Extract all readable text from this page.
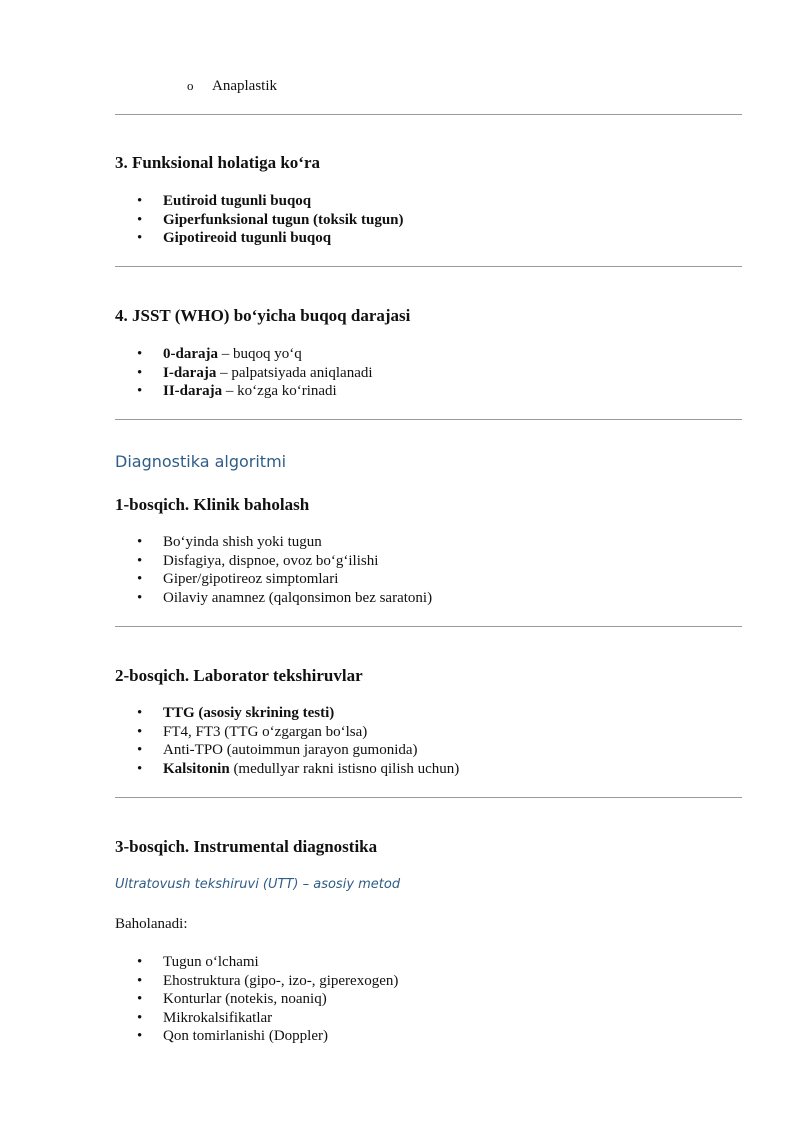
o Anaplastik
3. Funksional holatiga ko‘ra
• Eutiroid tugunli buqoq
• Giperfunksional tugun (toksik tugun)
• Gipotireoid tugunli buqoq
4. JSST (WHO) bo‘yicha buqoq darajasi
• 0-daraja – buqoq yo‘q
• I-daraja – palpatsiyada aniqlanadi
• II-daraja – ko‘zga ko‘rinadi
Diagnostika algoritmi
1-bosqich. Klinik baholash
• Bo‘yinda shish yoki tugun
• Disfagiya, dispnoe, ovoz bo‘g‘ilishi
• Giper/gipotireoz simptomlari
• Oilaviy anamnez (qalqonsimon bez saratoni)
2-bosqich. Laborator tekshiruvlar
• TTG (asosiy skrining testi)
• FT4, FT3 (TTG o‘zgargan bo‘lsa)
• Anti-TPO (autoimmun jarayon gumonida)
• Kalsitonin (medullyar rakni istisno qilish uchun)
3-bosqich. Instrumental diagnostika
Ultratovush tekshiruvi (UTT) – asosiy metod
Baholanadi:
• Tugun o‘lchami
• Ehostruktura (gipo-, izo-, giperexogen)
• Konturlar (notekis, noaniq)
• Mikrokalsifikatlar
• Qon tomirlanishi (Doppler)
